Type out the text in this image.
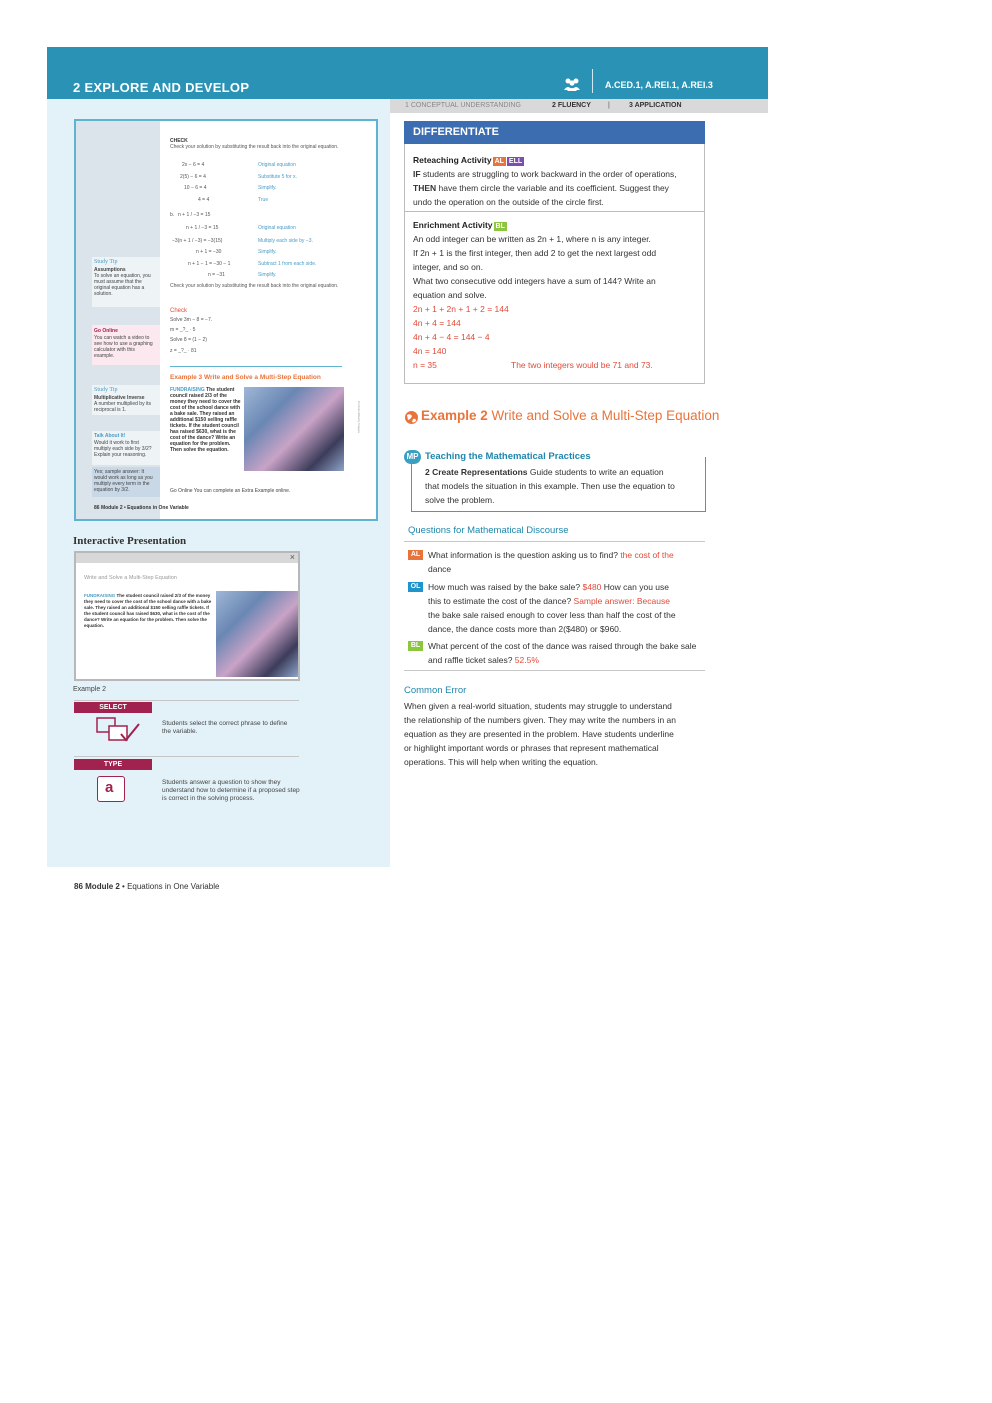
2 EXPLORE AND DEVELOP	A.CED.1, A.REI.1, A.REI.3
1 CONCEPTUAL UNDERSTANDING	2 FLUENCY |	3 APPLICATION
CHECK
Check your solution by substituting the result back into the original equation.
2x − 6 = 4	Original equation
2(5) − 6 = 4	Substitute 5 for x.
10 − 6 = 4	Simplify.
4 = 4	True
b. n + 1 / −3 = 15
n + 1 / −3 = 15	Original equation
−3(n + 1 / −3) = −3(15)	Multiply each side by −3.
n + 1 = −30	Simplify.
n + 1 − 1 = −30 − 1	Subtract 1 from each side.
n = −31	Simplify.
Check your solution by substituting the result back into the original equation.
Check
Solve 3m − 8 = −7.
m = _?_ · 5
Solve 8 = (1 − 2)
z = _?_ · 81
Study Tip
Assumptions
To solve an equation, you must assume that the original equation has a solution.
Go Online
You can watch a video to see how to use a graphing calculator with this example.
Study Tip
Multiplicative Inverse
A number multiplied by its reciprocal is 1.
Talk About It!
Would it work to first multiply each side by 3/2? Explain your reasoning.
Yes; sample answer: It would work as long as you multiply every term in the equation by 3/2.
Example 3 Write and Solve a Multi-Step Equation
FUNDRAISING The student council raised 2/3 of the money they need to cover the cost of the school dance with a bake sale. They raised an additional $150 selling raffle tickets. If the student council has raised $630, what is the cost of the dance? Write an equation for the problem. Then solve the equation.
Comstock/Getty Images
Go Online You can complete an Extra Example online.
86 Module 2 • Equations in One Variable
Interactive Presentation
×
Write and Solve a Multi-Step Equation
FUNDRAISING The student council raised 2/3 of the money they need to cover the cost of the school dance with a bake sale. They raised an additional $150 selling raffle tickets. If the student council has raised $630, what is the cost of the dance? Write an equation for the problem. Then solve the equation.
Example 2
SELECT
Students select the correct phrase to define the variable.
TYPE
a	Students answer a question to show they understand how to determine if a proposed step is correct in the solving process.
86 Module 2 • Equations in One Variable
DIFFERENTIATE
Reteaching Activity AL ELL
IF students are struggling to work backward in the order of operations,
THEN have them circle the variable and its coefficient. Suggest they
undo the operation on the outside of the circle first.
Enrichment Activity BL
An odd integer can be written as 2n + 1, where n is any integer.
If 2n + 1 is the first integer, then add 2 to get the next largest odd
integer, and so on.
What two consecutive odd integers have a sum of 144? Write an
equation and solve.
2n + 1 + 2n + 1 + 2 = 144
4n + 4 = 144
4n + 4 − 4 = 144 − 4
4n = 140
n = 35	The two integers would be 71 and 73.
Example 2 Write and Solve a Multi-Step Equation
MP Teaching the Mathematical Practices
2 Create Representations Guide students to write an equation
that models the situation in this example. Then use the equation to
solve the problem.
Questions for Mathematical Discourse
AL What information is the question asking us to find? the cost of the
dance
OL How much was raised by the bake sale? $480 How can you use
this to estimate the cost of the dance? Sample answer: Because
the bake sale raised enough to cover less than half the cost of the
dance, the dance costs more than 2($480) or $960.
BL What percent of the cost of the dance was raised through the bake sale
and raffle ticket sales? 52.5%
Common Error
When given a real-world situation, students may struggle to understand
the relationship of the numbers given. They may write the numbers in an
equation as they are presented in the problem. Have students underline
or highlight important words or phrases that represent mathematical
operations. This will help when writing the equation.
